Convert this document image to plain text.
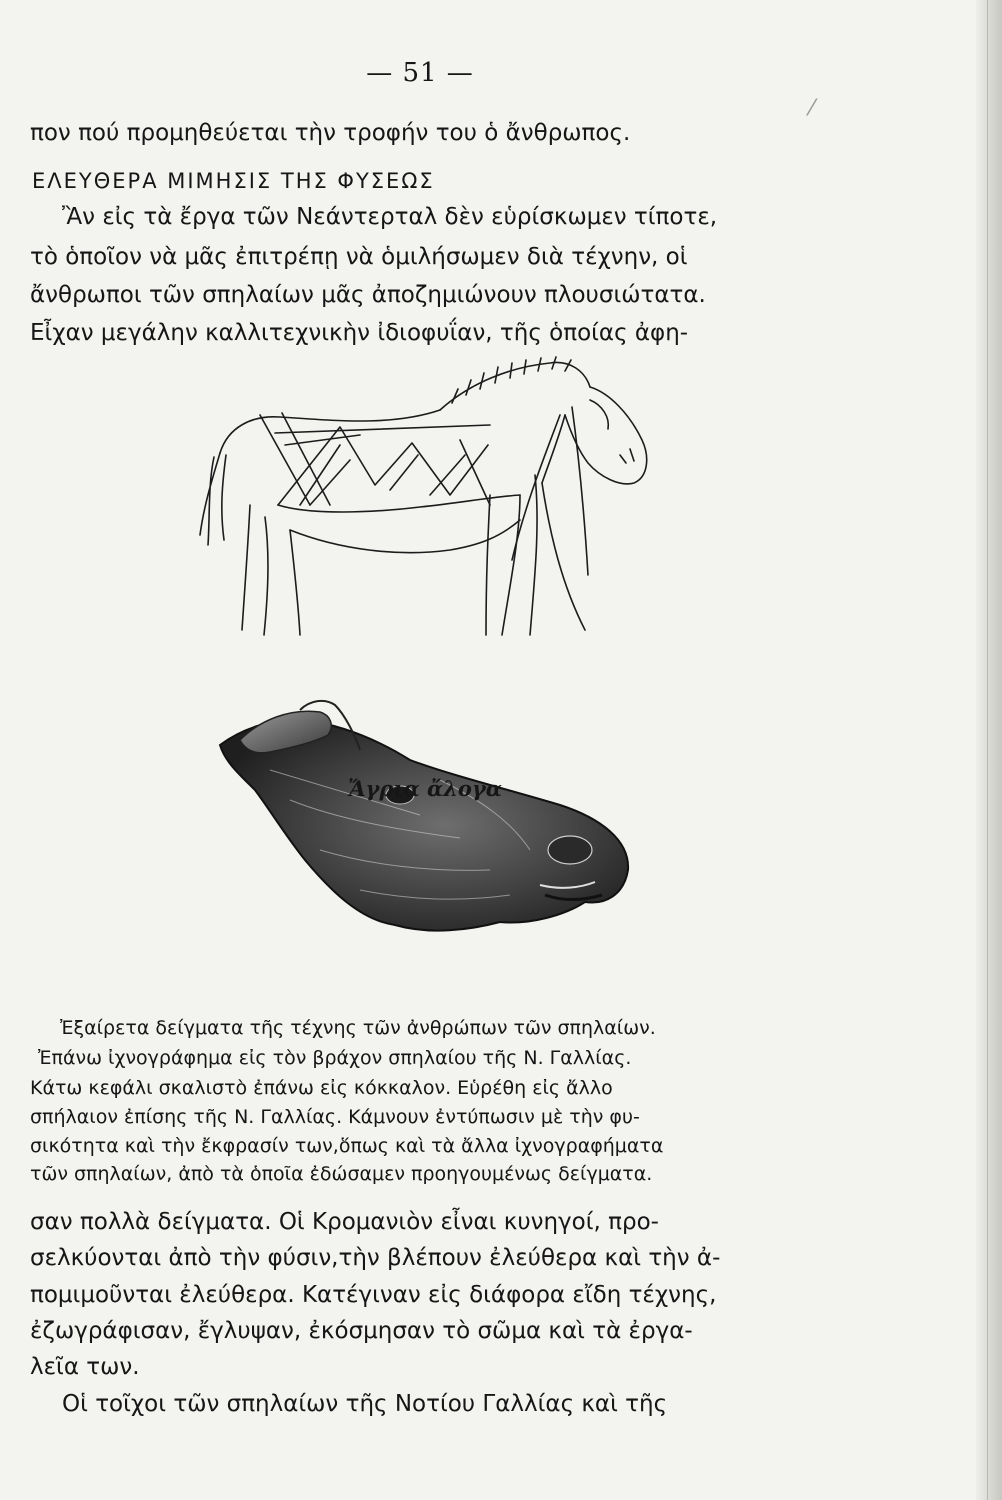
— 51 —
⁄
πον πού προμηθεύεται τὴν τροφήν του ὁ ἄνθρωπος.
ΕΛΕΥΘΕΡΑ ΜΙΜΗΣΙΣ ΤΗΣ ΦΥΣΕΩΣ
Ἂν εἰς τὰ ἔργα τῶν Νεάντερταλ δὲν εὑρίσκωμεν τίποτε,
τὸ ὁποῖον νὰ μᾶς ἐπιτρέπῃ νὰ ὁμιλήσωμεν διὰ τέχνην, οἱ
ἄνθρωποι τῶν σπηλαίων μᾶς ἀποζημιώνουν πλουσιώτατα.
Εἶχαν μεγάλην καλλιτεχνικὴν ἰδιοφυΐαν, τῆς ὁποίας ἀφη-
Ἄγρια ἄλογα
Ἐξαίρετα δείγματα τῆς τέχνης τῶν ἀνθρώπων τῶν σπηλαίων.
Ἐπάνω ἰχνογράφημα εἰς τὸν βράχον σπηλαίου τῆς Ν. Γαλλίας.
Κάτω κεφάλι σκαλιστὸ ἐπάνω εἰς κόκκαλον. Εὑρέθη εἰς ἄλλο
σπήλαιον ἐπίσης τῆς Ν. Γαλλίας. Κάμνουν ἐντύπωσιν μὲ τὴν φυ-
σικότητα καὶ τὴν ἔκφρασίν των,ὅπως καὶ τὰ ἄλλα ἰχνογραφήματα
τῶν σπηλαίων, ἀπὸ τὰ ὁποῖα ἐδώσαμεν προηγουμένως δείγματα.
σαν πολλὰ δείγματα. Οἱ Κρομανιὸν εἶναι κυνηγοί, προ-
σελκύονται ἀπὸ τὴν φύσιν,τὴν βλέπουν ἐλεύθερα καὶ τὴν ἀ-
πομιμοῦνται ἐλεύθερα. Κατέγιναν εἰς διάφορα εἴδη τέχνης,
ἐζωγράφισαν, ἔγλυψαν, ἐκόσμησαν τὸ σῶμα καὶ τὰ ἐργα-
λεῖα των.
Οἱ τοῖχοι τῶν σπηλαίων τῆς Νοτίου Γαλλίας καὶ τῆς
